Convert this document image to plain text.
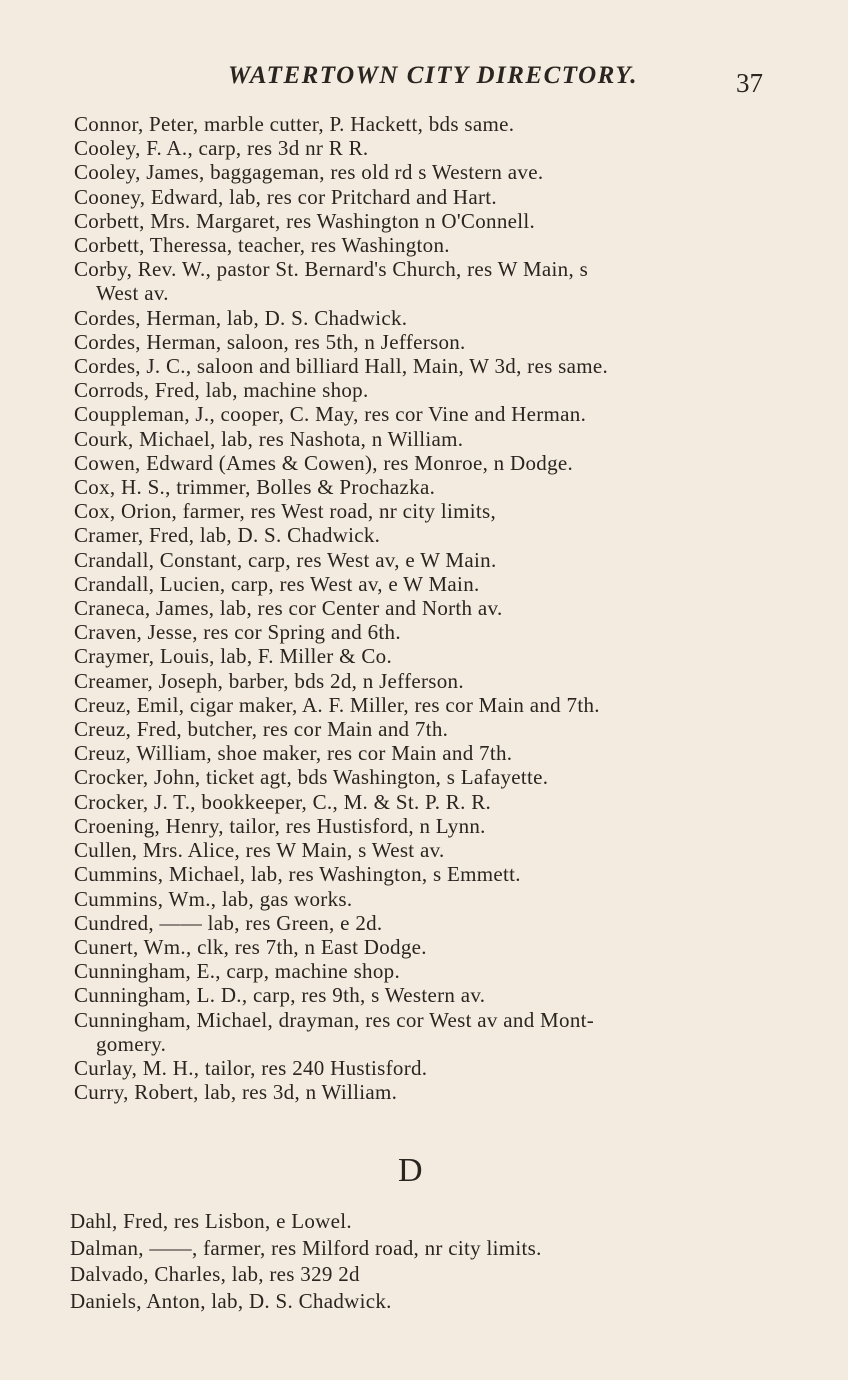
WATERTOWN CITY DIRECTORY.	37
Connor, Peter, marble cutter, P. Hackett, bds same.
Cooley, F. A., carp, res 3d nr R R.
Cooley, James, baggageman, res old rd s Western ave.
Cooney, Edward, lab, res cor Pritchard and Hart.
Corbett, Mrs. Margaret, res Washington n O'Connell.
Corbett, Theressa, teacher, res Washington.
Corby, Rev. W., pastor St. Bernard's Church, res W Main, s
West av.
Cordes, Herman, lab, D. S. Chadwick.
Cordes, Herman, saloon, res 5th, n Jefferson.
Cordes, J. C., saloon and billiard Hall, Main, W 3d, res same.
Corrods, Fred, lab, machine shop.
Couppleman, J., cooper, C. May, res cor Vine and Herman.
Courk, Michael, lab, res Nashota, n William.
Cowen, Edward (Ames & Cowen), res Monroe, n Dodge.
Cox, H. S., trimmer, Bolles & Prochazka.
Cox, Orion, farmer, res West road, nr city limits,
Cramer, Fred, lab, D. S. Chadwick.
Crandall, Constant, carp, res West av, e W Main.
Crandall, Lucien, carp, res West av, e W Main.
Craneca, James, lab, res cor Center and North av.
Craven, Jesse, res cor Spring and 6th.
Craymer, Louis, lab, F. Miller & Co.
Creamer, Joseph, barber, bds 2d, n Jefferson.
Creuz, Emil, cigar maker, A. F. Miller, res cor Main and 7th.
Creuz, Fred, butcher, res cor Main and 7th.
Creuz, William, shoe maker, res cor Main and 7th.
Crocker, John, ticket agt, bds Washington, s Lafayette.
Crocker, J. T., bookkeeper, C., M. & St. P. R. R.
Croening, Henry, tailor, res Hustisford, n Lynn.
Cullen, Mrs. Alice, res W Main, s West av.
Cummins, Michael, lab, res Washington, s Emmett.
Cummins, Wm., lab, gas works.
Cundred, —— lab, res Green, e 2d.
Cunert, Wm., clk, res 7th, n East Dodge.
Cunningham, E., carp, machine shop.
Cunningham, L. D., carp, res 9th, s Western av.
Cunningham, Michael, drayman, res cor West av and Mont-
gomery.
Curlay, M. H., tailor, res 240 Hustisford.
Curry, Robert, lab, res 3d, n William.
D
Dahl, Fred, res Lisbon, e Lowel.
Dalman, ——, farmer, res Milford road, nr city limits.
Dalvado, Charles, lab, res 329 2d
Daniels, Anton, lab, D. S. Chadwick.
